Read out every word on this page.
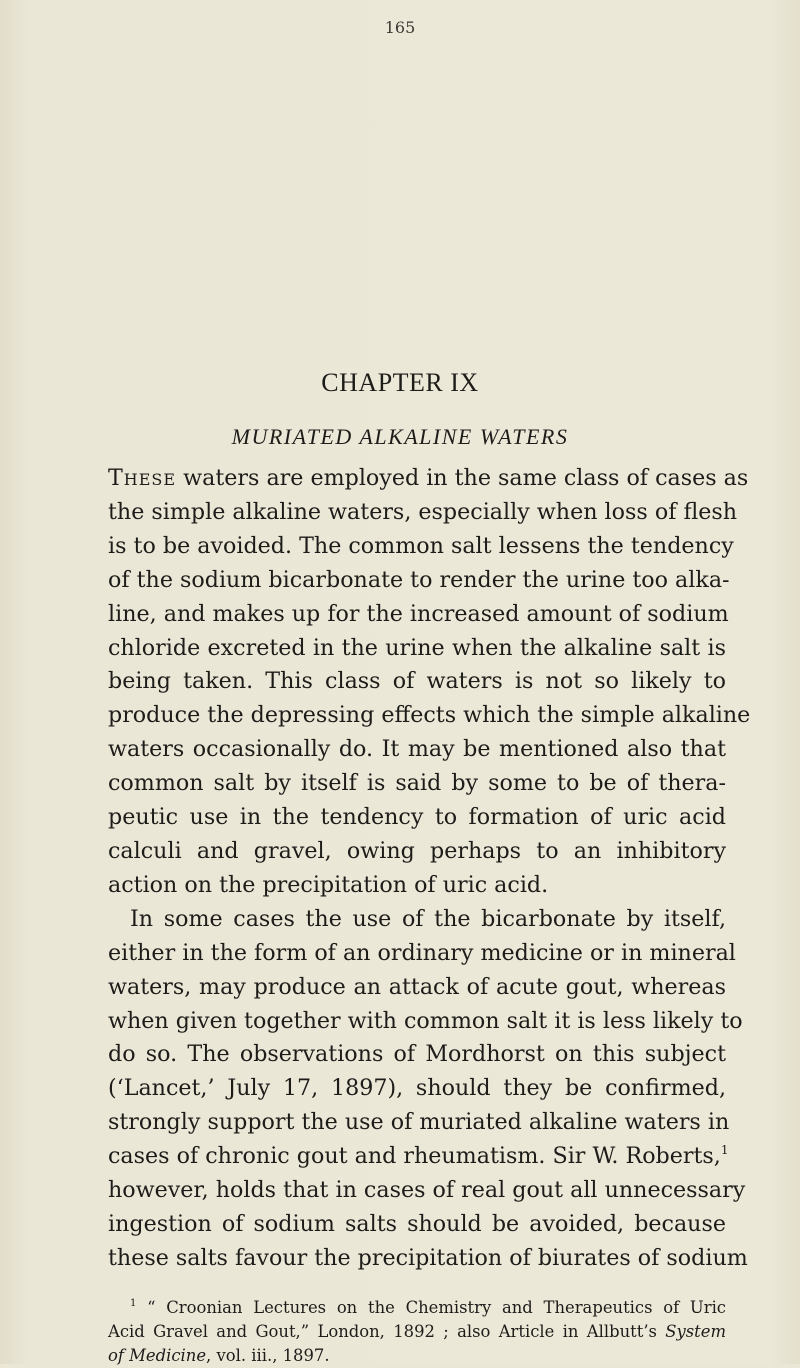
165
CHAPTER IX
MURIATED ALKALINE WATERS
These waters are employed in the same class of cases as
the simple alkaline waters, especially when loss of flesh
is to be avoided. The common salt lessens the tendency
of the sodium bicarbonate to render the urine too alka-
line, and makes up for the increased amount of sodium
chloride excreted in the urine when the alkaline salt is
being taken. This class of waters is not so likely to
produce the depressing effects which the simple alkaline
waters occasionally do. It may be mentioned also that
common salt by itself is said by some to be of thera-
peutic use in the tendency to formation of uric acid
calculi and gravel, owing perhaps to an inhibitory
action on the precipitation of uric acid.
In some cases the use of the bicarbonate by itself,
either in the form of an ordinary medicine or in mineral
waters, may produce an attack of acute gout, whereas
when given together with common salt it is less likely to
do so. The observations of Mordhorst on this subject
(‘Lancet,’ July 17, 1897), should they be confirmed,
strongly support the use of muriated alkaline waters in
cases of chronic gout and rheumatism. Sir W. Roberts,$^1$
however, holds that in cases of real gout all unnecessary
ingestion of sodium salts should be avoided, because
these salts favour the precipitation of biurates of sodium
$^1$ “ Croonian Lectures on the Chemistry and Therapeutics of Uric
Acid Gravel and Gout,” London, 1892 ; also Article in Allbutt’s System
of Medicine, vol. iii., 1897.
